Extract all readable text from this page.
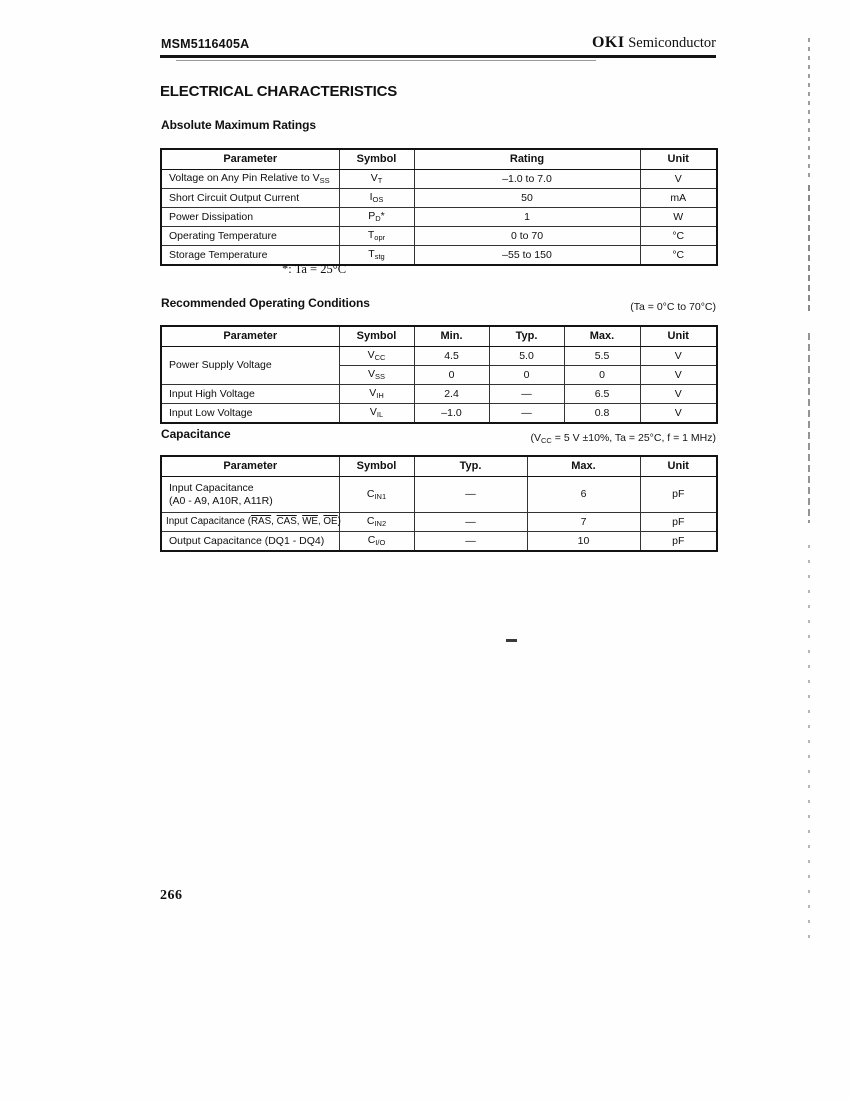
MSM5116405A	OKI Semiconductor
ELECTRICAL CHARACTERISTICS
Absolute Maximum Ratings
Parameter	Symbol	Rating	Unit
Voltage on Any Pin Relative to VSS	VT	–1.0 to 7.0	V
Short Circuit Output Current	IOS	50	mA
Power Dissipation	PD*	1	W
Operating Temperature	Topr	0 to 70	°C
Storage Temperature	Tstg	–55 to 150	°C
*: Ta = 25°C
Recommended Operating Conditions	(Ta = 0°C to 70°C)
Parameter	Symbol	Min.	Typ.	Max.	Unit
Power Supply Voltage	VCC	4.5	5.0	5.5	V
	VSS	0	0	0	V
Input High Voltage	VIH	2.4	—	6.5	V
Input Low Voltage	VIL	–1.0	—	0.8	V
Capacitance	(VCC = 5 V ±10%, Ta = 25°C, f = 1 MHz)
Parameter	Symbol	Typ.	Max.	Unit

Input Capacitance
(A0 - A9, A10R, A11R)	CIN1	—	6	pF
Input Capacitance ($\overline{RAS}$, $\overline{CAS}$, $\overline{WE}$, $\overline{OE}$)	CIN2	—	7	pF
Output Capacitance (DQ1 - DQ4)	CI/O	—	10	pF
266
